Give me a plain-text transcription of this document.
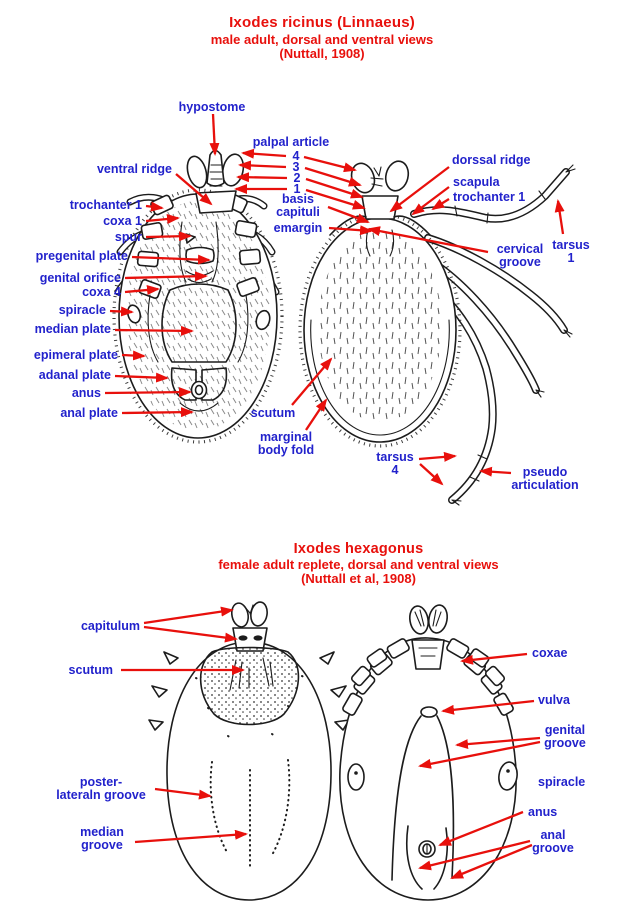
Ixodes ricinus (Linnaeus)
male adult, dorsal and ventral views
(Nuttall, 1908)
Ixodes hexagonus
female adult replete, dorsal and ventral views
(Nuttall et al, 1908)
hypostome
palpal article
4
3
2
1
ventral ridge
trochanter 1
coxa 1
spur
pregenital plate
genital orifice
coxa 4
spiracle
median plate
epimeral plate
adanal plate
anus
anal plate
basis
capituli
emargin
dorssal ridge
scapula
trochanter 1
cervical
groove
tarsus
1
scutum
marginal
body fold	tarsus
4	pseudo
articulation
capitulum
scutum
poster-
lateraln groove
median
groove
coxae
vulva
genital
groove
spiracle
anus
anal
groove
